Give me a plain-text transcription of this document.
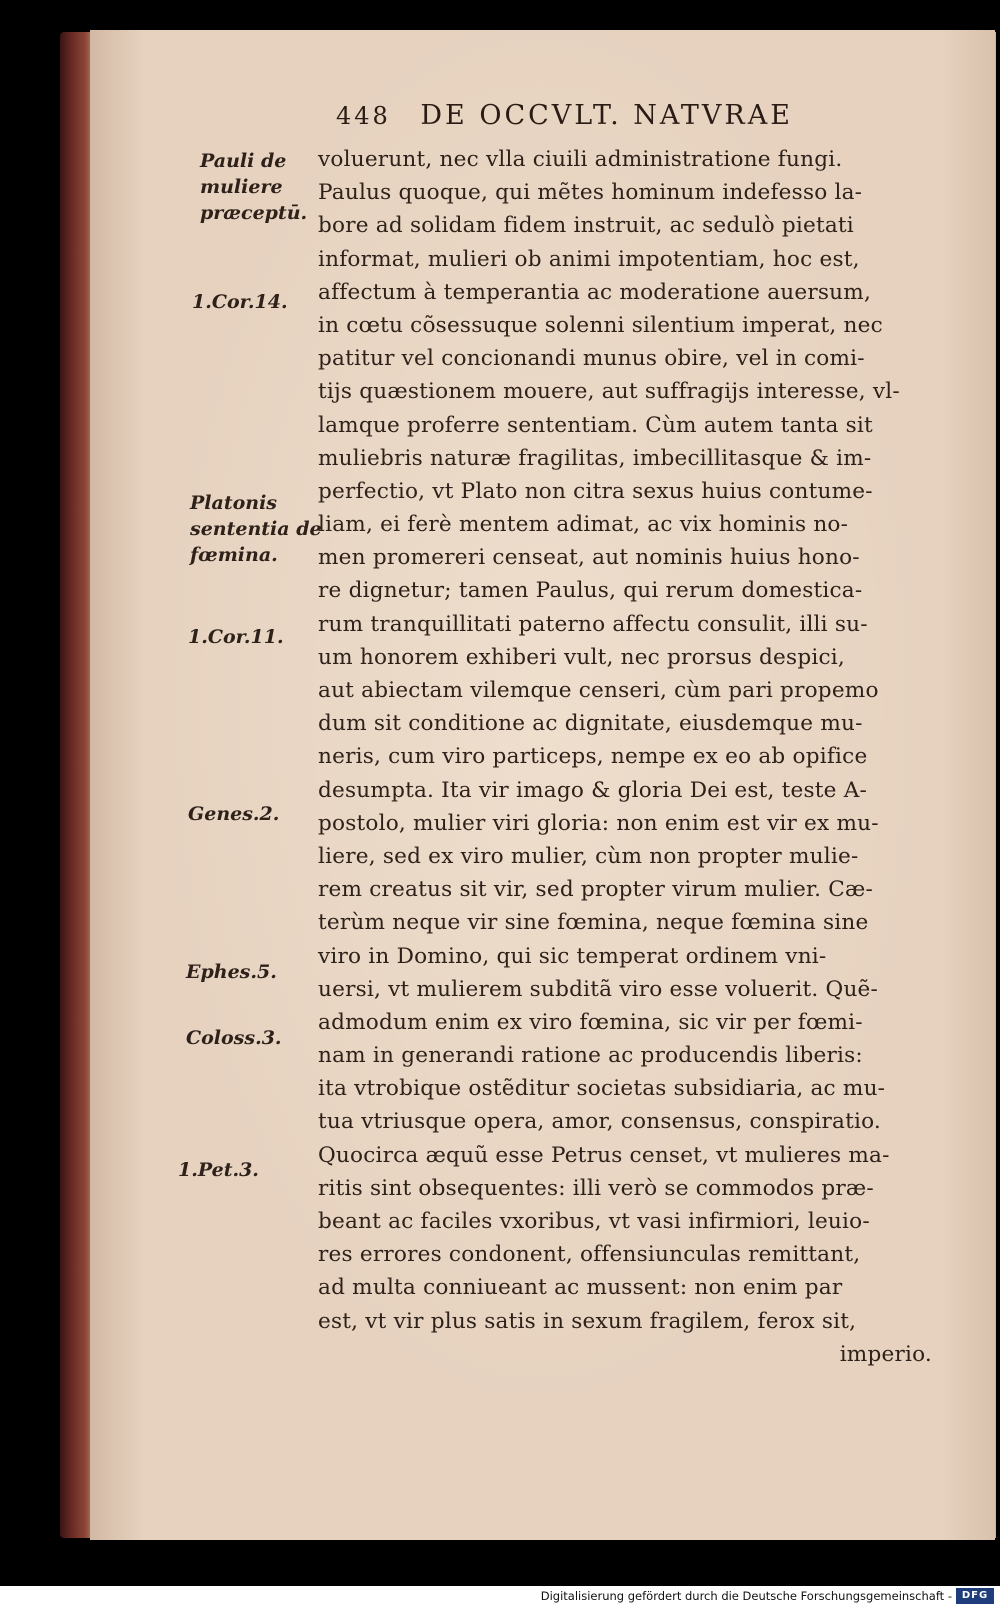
448 DE OCCVLT. NATVRAE
voluerunt, nec vlla ciuili administratione fungi.
Paulus quoque, qui mẽtes hominum indefesso la-
bore ad solidam fidem instruit, ac sedulò pietati
informat, mulieri ob animi impotentiam, hoc est,
affectum à temperantia ac moderatione auersum,
in cœtu cõsessuque solenni silentium imperat, nec
patitur vel concionandi munus obire, vel in comi-
tijs quæstionem mouere, aut suffragijs interesse, vl-
lamque proferre sententiam. Cùm autem tanta sit
muliebris naturæ fragilitas, imbecillitasque & im-
perfectio, vt Plato non citra sexus huius contume-
liam, ei ferè mentem adimat, ac vix hominis no-
men promereri censeat, aut nominis huius hono-
re dignetur; tamen Paulus, qui rerum domestica-
rum tranquillitati paterno affectu consulit, illi su-
um honorem exhiberi vult, nec prorsus despici,
aut abiectam vilemque censeri, cùm pari propemo
dum sit conditione ac dignitate, eiusdemque mu-
neris, cum viro particeps, nempe ex eo ab opifice
desumpta. Ita vir imago & gloria Dei est, teste A-
postolo, mulier viri gloria: non enim est vir ex mu-
liere, sed ex viro mulier, cùm non propter mulie-
rem creatus sit vir, sed propter virum mulier. Cæ-
terùm neque vir sine fœmina, neque fœmina sine
viro in Domino, qui sic temperat ordinem vni-
uersi, vt mulierem subditã viro esse voluerit. Quẽ-
admodum enim ex viro fœmina, sic vir per fœmi-
nam in generandi ratione ac producendis liberis:
ita vtrobique ostẽditur societas subsidiaria, ac mu-
tua vtriusque opera, amor, consensus, conspiratio.
Quocirca æquũ esse Petrus censet, vt mulieres ma-
ritis sint obsequentes: illi verò se commodos præ-
beant ac faciles vxoribus, vt vasi infirmiori, leuio-
res errores condonent, offensiunculas remittant,
ad multa conniueant ac mussent: non enim par
est, vt vir plus satis in sexum fragilem, ferox sit,
imperio.
Pauli de
muliere
præceptū.
1.Cor.14.
Platonis
sententia de
fœmina.
1.Cor.11.
Genes.2.
Ephes.5.
Coloss.3.
1.Pet.3.
Digitalisierung gefördert durch die Deutsche Forschungsgemeinschaft - DFG
